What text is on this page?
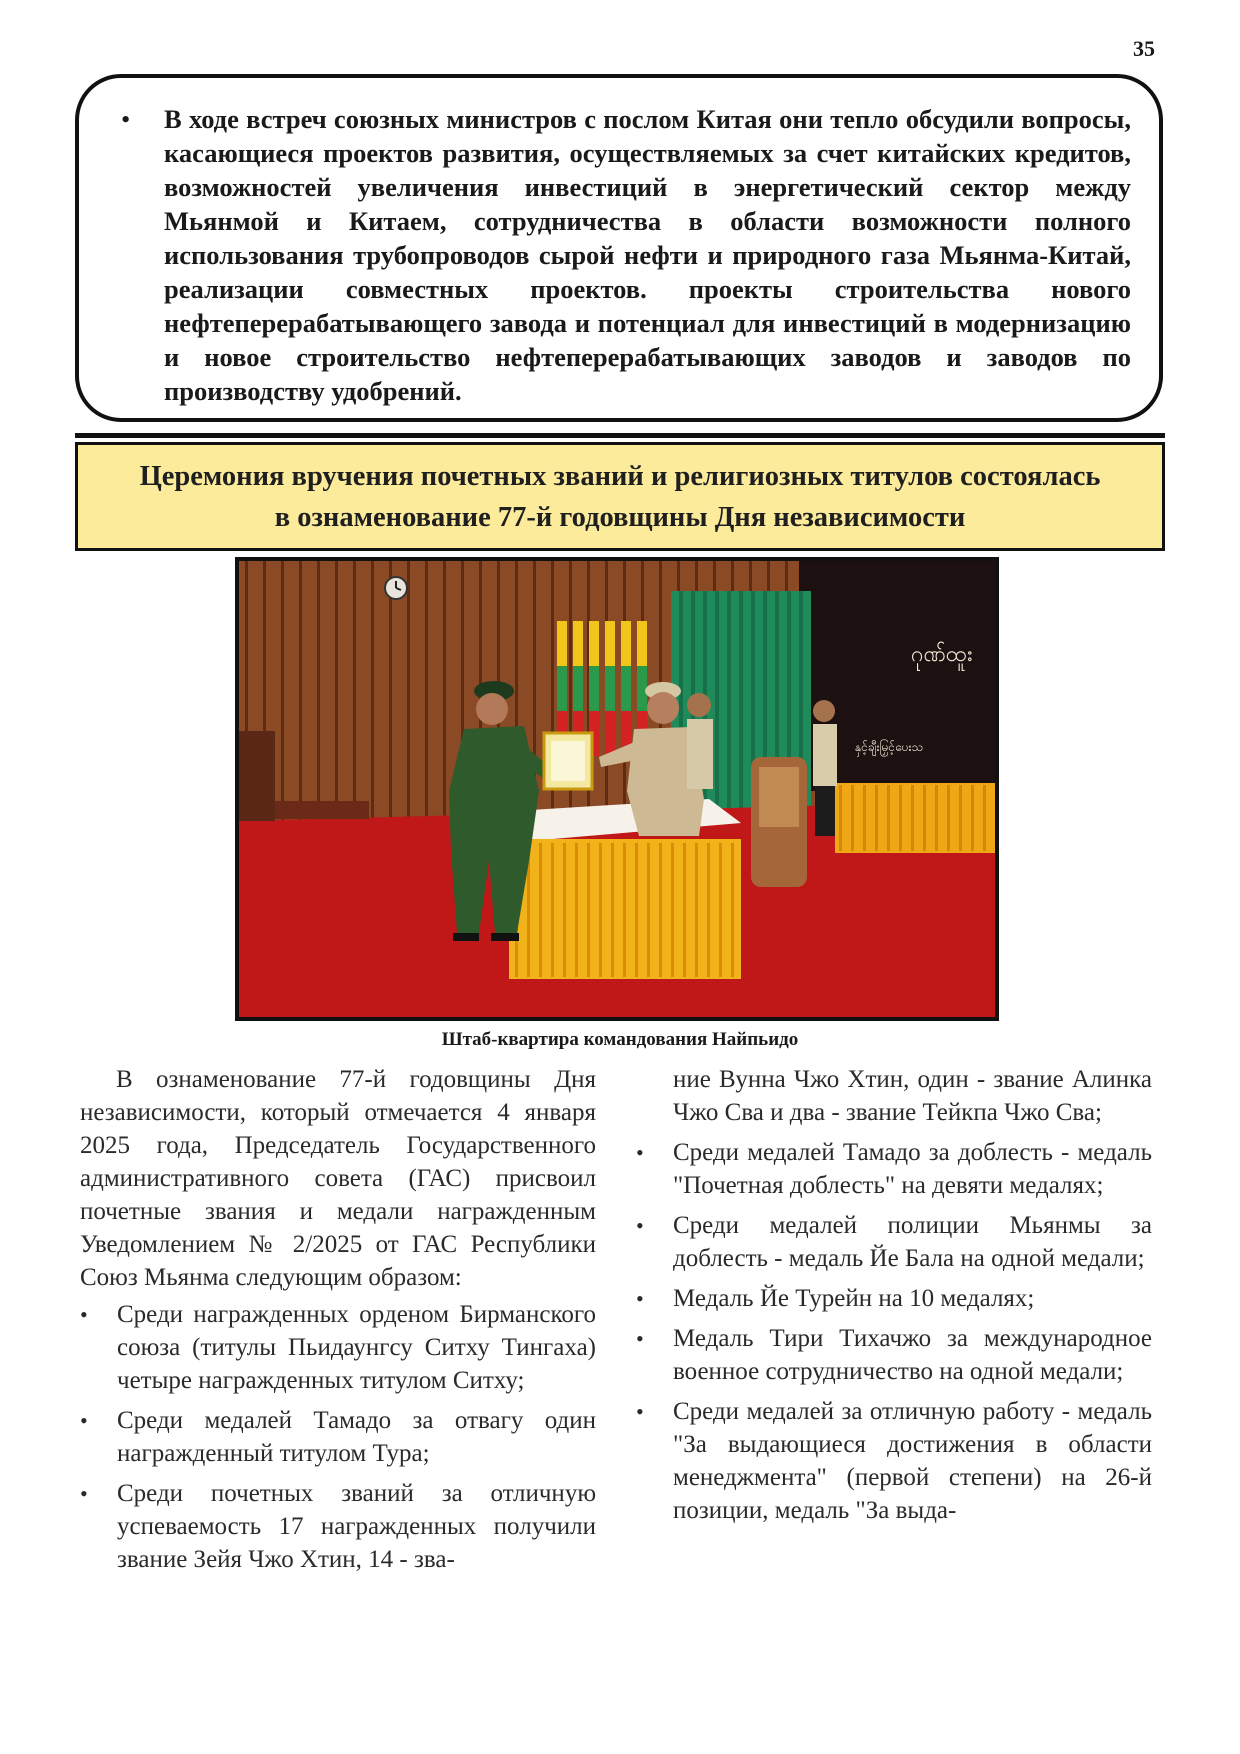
35
• В ходе встреч союзных министров с послом Китая они тепло обсудили вопросы, касающиеся проектов развития, осуществляемых за счет китайских кредитов, возможностей увеличения инвестиций в энергетический сектор между Мьянмой и Китаем, сотрудничества в области возможности полного использования трубопроводов сырой нефти и природного газа Мьянма-Китай, реализации совместных проектов. проекты строительства нового нефтеперерабатывающего завода и потенциал для инвестиций в модернизацию и новое строительство нефтеперерабатывающих заводов и заводов по производству удобрений.
Церемония вручения почетных званий и религиозных титулов состоялась
в ознаменование 77-й годовщины Дня независимости
ဂုဏ်ထူး
နှင့်ချီးမြှင့်ပေးသ
Штаб-квартира командования Найпьидо

В ознаменование 77-й годовщины Дня независимости, который отмечается 4 января 2025 года, Председатель Государственного административного совета (ГАС) присвоил почетные звания и медали награжденным Уведомлением № 2/2025 от ГАС Республики Союз Мьянма следующим образом:

• Среди награжденных орденом Бирманского союза (титулы Пьидаунгсу Ситху Тингаха) четыре награжденных титулом Ситху;
• Среди медалей Тамадо за отвагу один награжденный титулом Тура;
• Среди почетных званий за отличную успеваемость 17 награжденных получили звание Зейя Чжо Хтин, 14 - зва-

ние Вунна Чжо Хтин, один - звание Алинка Чжо Сва и два - звание Тейкпа Чжо Сва;

• Среди медалей Тамадо за доблесть - медаль "Почетная доблесть" на девяти медалях;
• Среди медалей полиции Мьянмы за доблесть - медаль Йе Бала на одной медали;
• Медаль Йе Турейн на 10 медалях;
• Медаль Тири Тихачжо за международное военное сотрудничество на одной медали;
• Среди медалей за отличную работу - медаль "За выдающиеся достижения в области менеджмента" (первой степени) на 26-й позиции, медаль "За выда-
